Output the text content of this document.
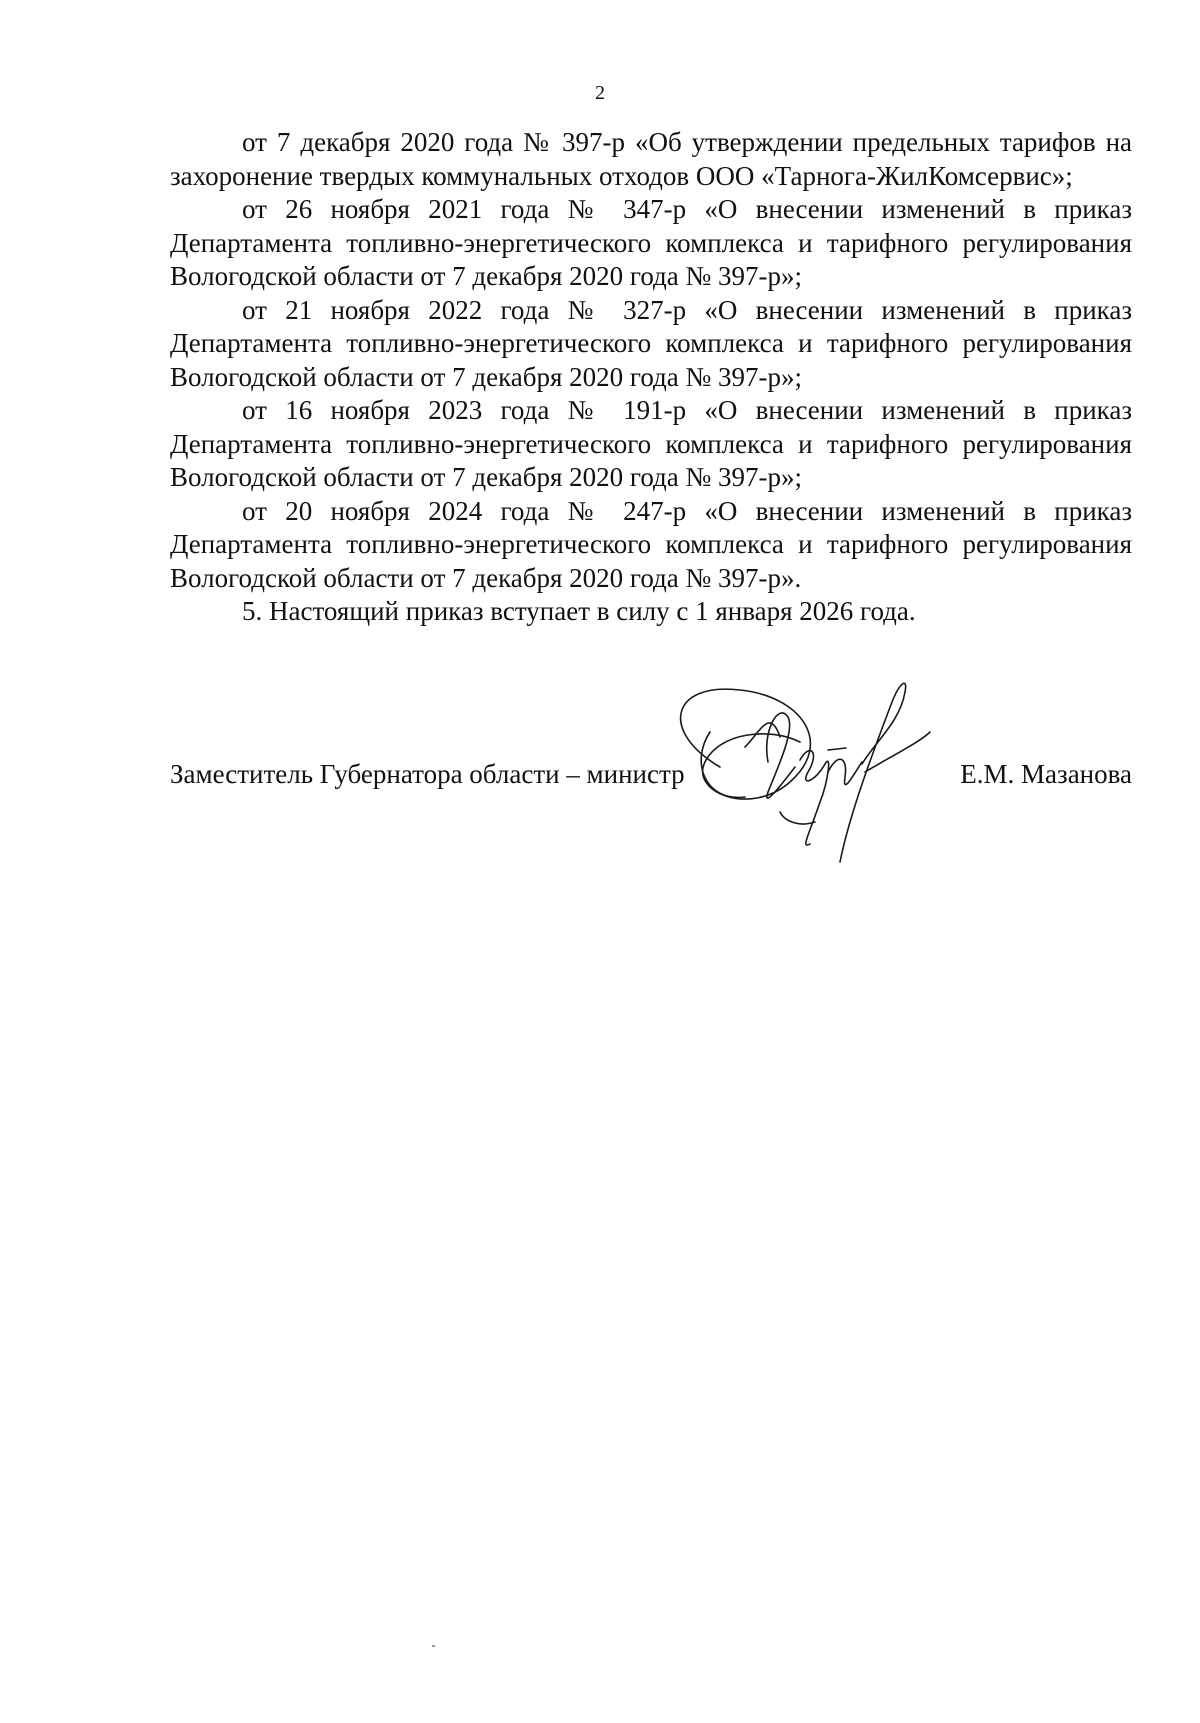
2

от 7 декабря 2020 года № 397-р «Об утверждении предельных тарифов на захоронение твердых коммунальных отходов ООО «Тарнога-ЖилКомсервис»;

от 26 ноября 2021 года № 347-р «О внесении изменений в приказ Департамента топливно-энергетического комплекса и тарифного регулирования Вологодской области от 7 декабря 2020 года № 397-р»;

от 21 ноября 2022 года № 327-р «О внесении изменений в приказ Департамента топливно-энергетического комплекса и тарифного регулирования Вологодской области от 7 декабря 2020 года № 397-р»;

от 16 ноября 2023 года № 191-р «О внесении изменений в приказ Департамента топливно-энергетического комплекса и тарифного регулирования Вологодской области от 7 декабря 2020 года № 397-р»;

от 20 ноября 2024 года № 247-р «О внесении изменений в приказ Департамента топливно-энергетического комплекса и тарифного регулирования Вологодской области от 7 декабря 2020 года № 397-р».

5. Настоящий приказ вступает в силу с 1 января 2026 года.

Заместитель Губернатора области – министр	Е.М. Мазанова
